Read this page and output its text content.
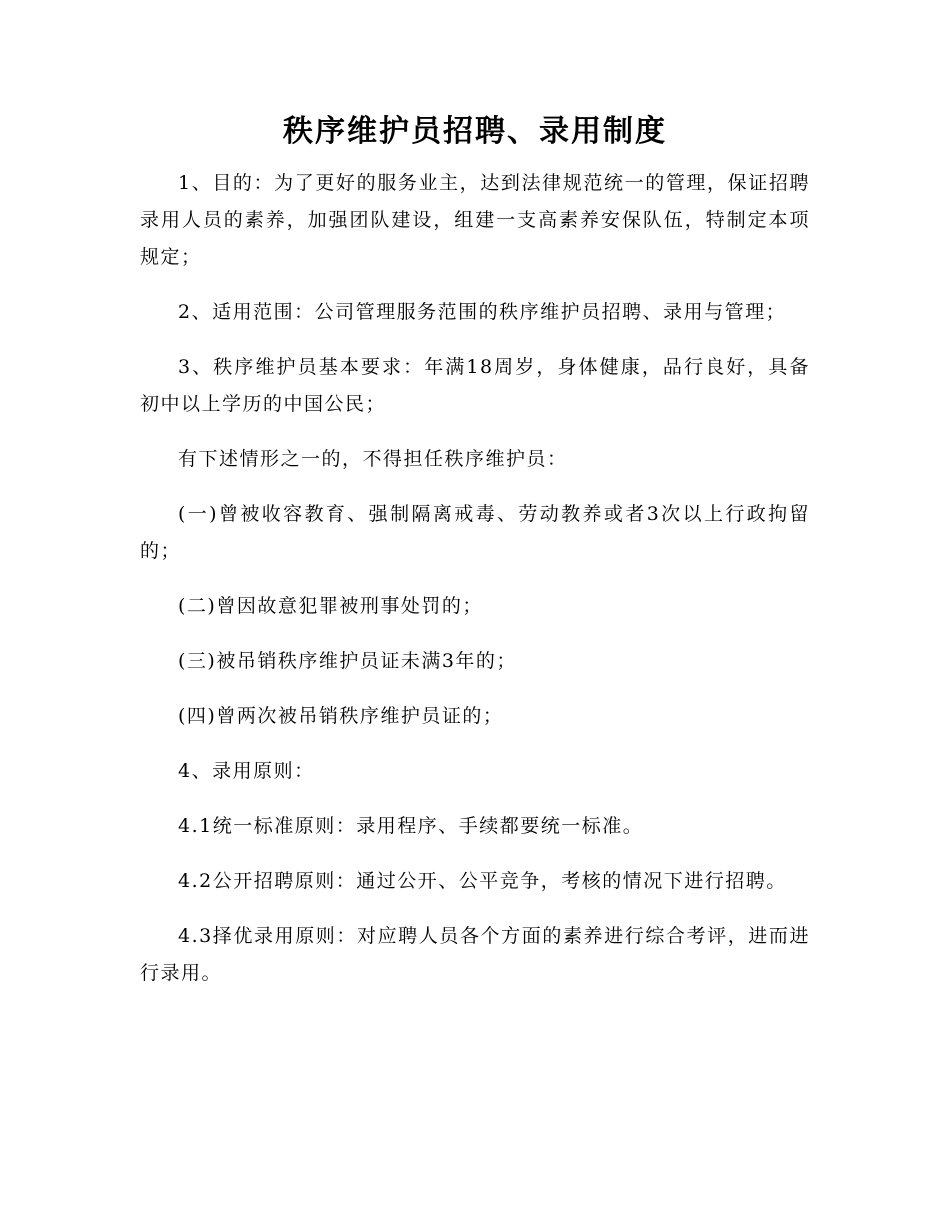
秩序维护员招聘、录用制度

1、目的：为了更好的服务业主，达到法律规范统一的管理，保证招聘录用人员的素养，加强团队建设，组建一支高素养安保队伍，特制定本项规定；

2、适用范围：公司管理服务范围的秩序维护员招聘、录用与管理；

3、秩序维护员基本要求：年满18周岁，身体健康，品行良好，具备初中以上学历的中国公民；

有下述情形之一的，不得担任秩序维护员：

(一)曾被收容教育、强制隔离戒毒、劳动教养或者3次以上行政拘留的；

(二)曾因故意犯罪被刑事处罚的；

(三)被吊销秩序维护员证未满3年的；

(四)曾两次被吊销秩序维护员证的；

4、录用原则：

4.1统一标准原则：录用程序、手续都要统一标准。

4.2公开招聘原则：通过公开、公平竞争，考核的情况下进行招聘。

4.3择优录用原则：对应聘人员各个方面的素养进行综合考评，进而进行录用。
